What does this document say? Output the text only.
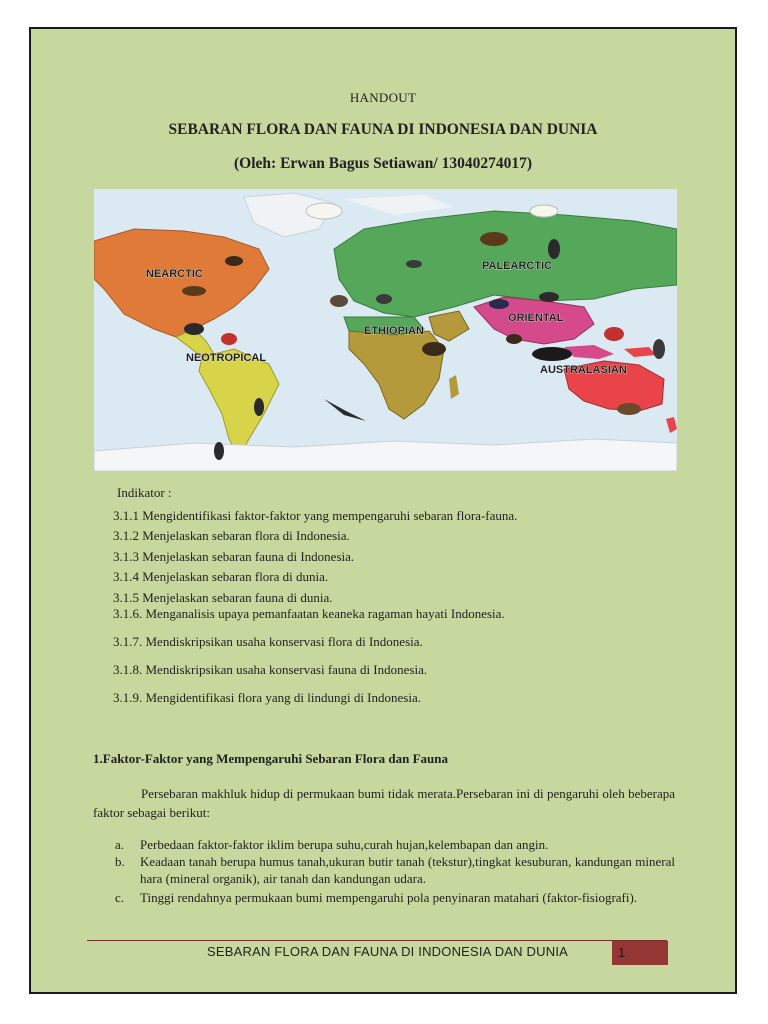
HANDOUT
SEBARAN FLORA DAN FAUNA DI INDONESIA DAN DUNIA
(Oleh: Erwan Bagus Setiawan/ 13040274017)
NEARCTIC
PALEARCTIC
ORIENTAL
ETHIOPIAN
NEOTROPICAL
AUSTRALASIAN
Indikator :
3.1.1 Mengidentifikasi faktor-faktor yang mempengaruhi sebaran flora-fauna.
3.1.2 Menjelaskan sebaran flora di Indonesia.
3.1.3 Menjelaskan sebaran fauna di Indonesia.
3.1.4 Menjelaskan sebaran flora di dunia.
3.1.5 Menjelaskan sebaran fauna di dunia.
3.1.6. Menganalisis upaya pemanfaatan keaneka ragaman hayati Indonesia.
3.1.7. Mendiskripsikan usaha konservasi flora di Indonesia.
3.1.8. Mendiskripsikan usaha konservasi fauna di Indonesia.
3.1.9. Mengidentifikasi flora yang di lindungi di Indonesia.
1.Faktor-Faktor yang Mempengaruhi Sebaran Flora dan Fauna
Persebaran makhluk hidup di permukaan bumi tidak merata.Persebaran ini di pengaruhi oleh beberapa faktor sebagai berikut:
a. Perbedaan faktor-faktor iklim berupa suhu,curah hujan,kelembapan dan angin.
b. Keadaan tanah berupa humus tanah,ukuran butir tanah (tekstur),tingkat kesuburan, kandungan mineral hara (mineral organik), air tanah dan kandungan udara.
c. Tinggi rendahnya permukaan bumi mempengaruhi pola penyinaran matahari (faktor-fisiografi).
SEBARAN FLORA DAN FAUNA DI INDONESIA DAN DUNIA	1
